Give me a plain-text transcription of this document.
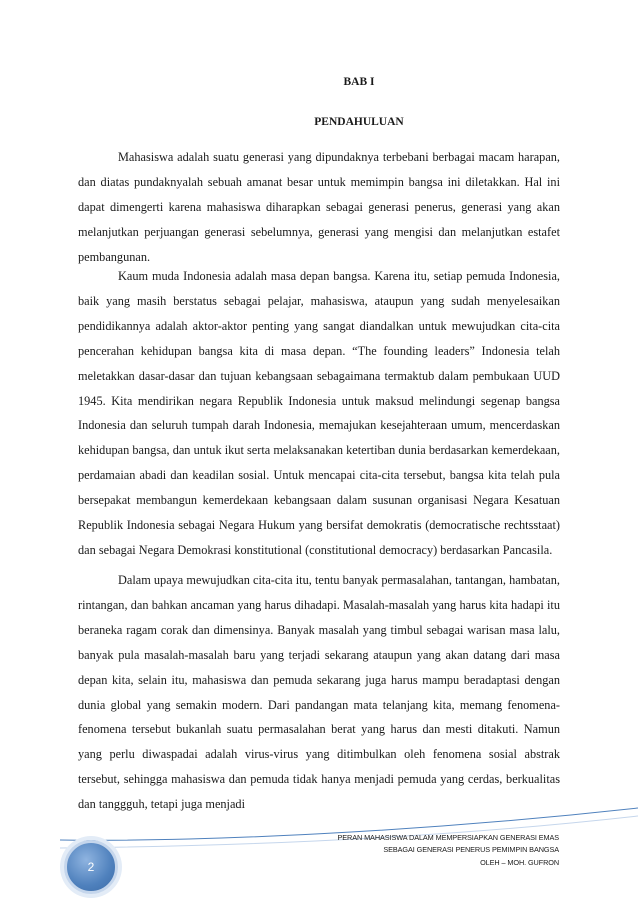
BAB I
PENDAHULUAN

Mahasiswa adalah suatu generasi yang dipundaknya terbebani berbagai macam harapan, dan diatas pundaknyalah sebuah amanat besar untuk memimpin bangsa ini diletakkan. Hal ini dapat dimengerti karena mahasiswa diharapkan sebagai generasi penerus, generasi yang akan melanjutkan perjuangan generasi sebelumnya, generasi yang mengisi dan melanjutkan estafet pembangunan.

Kaum muda Indonesia adalah masa depan bangsa. Karena itu, setiap pemuda Indonesia, baik yang masih berstatus sebagai pelajar, mahasiswa, ataupun yang sudah menyelesaikan pendidikannya adalah aktor-aktor penting yang sangat diandalkan untuk mewujudkan cita-cita pencerahan kehidupan bangsa kita di masa depan. “The founding leaders” Indonesia telah meletakkan dasar-dasar dan tujuan kebangsaan sebagaimana termaktub dalam pembukaan UUD 1945. Kita mendirikan negara Republik Indonesia untuk maksud melindungi segenap bangsa Indonesia dan seluruh tumpah darah Indonesia, memajukan kesejahteraan umum, mencerdaskan kehidupan bangsa, dan untuk ikut serta melaksanakan ketertiban dunia berdasarkan kemerdekaan, perdamaian abadi dan keadilan sosial. Untuk mencapai cita-cita tersebut, bangsa kita telah pula bersepakat membangun kemerdekaan kebangsaan dalam susunan organisasi Negara Kesatuan Republik Indonesia sebagai Negara Hukum yang bersifat demokratis (democratische rechtsstaat) dan sebagai Negara Demokrasi konstitutional (constitutional democracy) berdasarkan Pancasila.

Dalam upaya mewujudkan cita-cita itu, tentu banyak permasalahan, tantangan, hambatan, rintangan, dan bahkan ancaman yang harus dihadapi. Masalah-masalah yang harus kita hadapi itu beraneka ragam corak dan dimensinya. Banyak masalah yang timbul sebagai warisan masa lalu, banyak pula masalah-masalah baru yang terjadi sekarang ataupun yang akan datang dari masa depan kita, selain itu, mahasiswa dan pemuda sekarang juga harus mampu beradaptasi dengan dunia global yang semakin modern. Dari pandangan mata telanjang kita, memang fenomena-fenomena tersebut bukanlah suatu permasalahan berat yang harus dan mesti ditakuti. Namun yang perlu diwaspadai adalah virus-virus yang ditimbulkan oleh fenomena sosial abstrak tersebut, sehingga mahasiswa dan pemuda tidak hanya menjadi pemuda yang cerdas, berkualitas dan tanggguh, tetapi juga menjadi

2
PERAN MAHASISWA DALAM MEMPERSIAPKAN GENERASI EMAS
SEBAGAI GENERASI PENERUS PEMIMPIN BANGSA
OLEH – MOH. GUFRON
